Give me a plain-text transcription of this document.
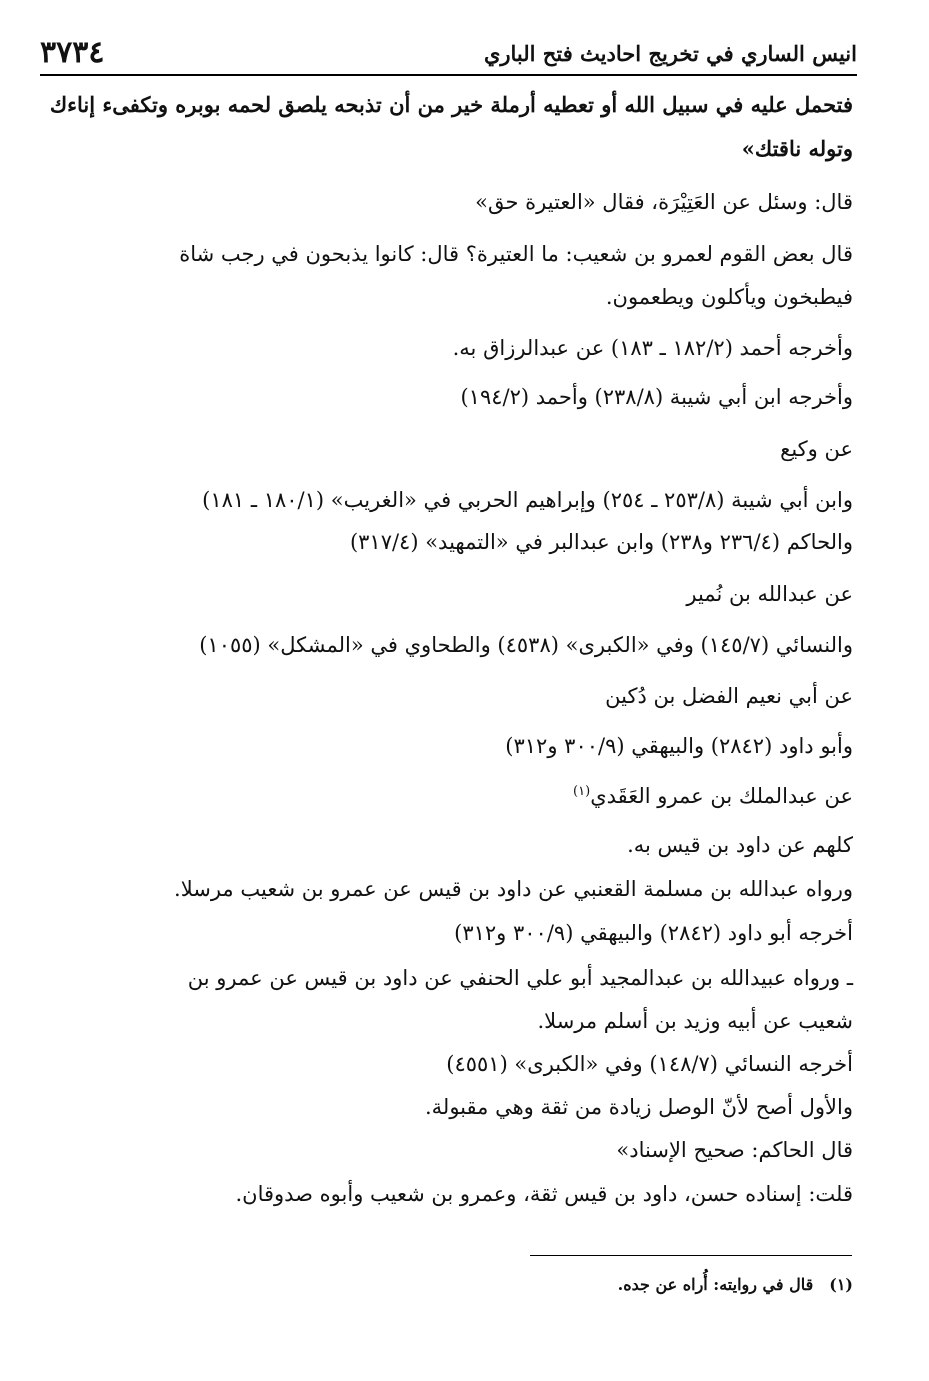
انيس الساري في تخريج احاديث فتح الباري
٣٧٣٤

فتحمل عليه في سبيل الله أو تعطيه أرملة خير من أن تذبحه يلصق لحمه بوبره وتكفىء إناءك

وتوله ناقتك»

قال: وسئل عن العَتِيْرَة، فقال «العتيرة حق»

قال بعض القوم لعمرو بن شعيب: ما العتيرة؟ قال: كانوا يذبحون في رجب شاة

فيطبخون ويأكلون ويطعمون.

وأخرجه أحمد (١٨٢/٢ ـ ١٨٣) عن عبدالرزاق به.

وأخرجه ابن أبي شيبة (٢٣٨/٨) وأحمد (١٩٤/٢)

عن وكيع

وابن أبي شيبة (٢٥٣/٨ ـ ٢٥٤) وإبراهيم الحربي في «الغريب» (١٨٠/١ ـ ١٨١)

والحاكم (٢٣٦/٤ و٢٣٨) وابن عبدالبر في «التمهيد» (٣١٧/٤)

عن عبدالله بن نُمير

والنسائي (١٤٥/٧) وفي «الكبرى» (٤٥٣٨) والطحاوي في «المشكل» (١٠٥٥)

عن أبي نعيم الفضل بن دُكين

وأبو داود (٢٨٤٢) والبيهقي (٣٠٠/٩ و٣١٢)

عن عبدالملك بن عمرو العَقَدي$^{(١)}$

كلهم عن داود بن قيس به.

ورواه عبدالله بن مسلمة القعنبي عن داود بن قيس عن عمرو بن شعيب مرسلا.

أخرجه أبو داود (٢٨٤٢) والبيهقي (٣٠٠/٩ و٣١٢)

ـ ورواه عبيدالله بن عبدالمجيد أبو علي الحنفي عن داود بن قيس عن عمرو بن

شعيب عن أبيه وزيد بن أسلم مرسلا.

أخرجه النسائي (١٤٨/٧) وفي «الكبرى» (٤٥٥١)

والأول أصح لأنّ الوصل زيادة من ثقة وهي مقبولة.

قال الحاكم: صحيح الإسناد»

قلت: إسناده حسن، داود بن قيس ثقة، وعمرو بن شعيب وأبوه صدوقان.

(١)قال في روايته: أُراه عن جده.
